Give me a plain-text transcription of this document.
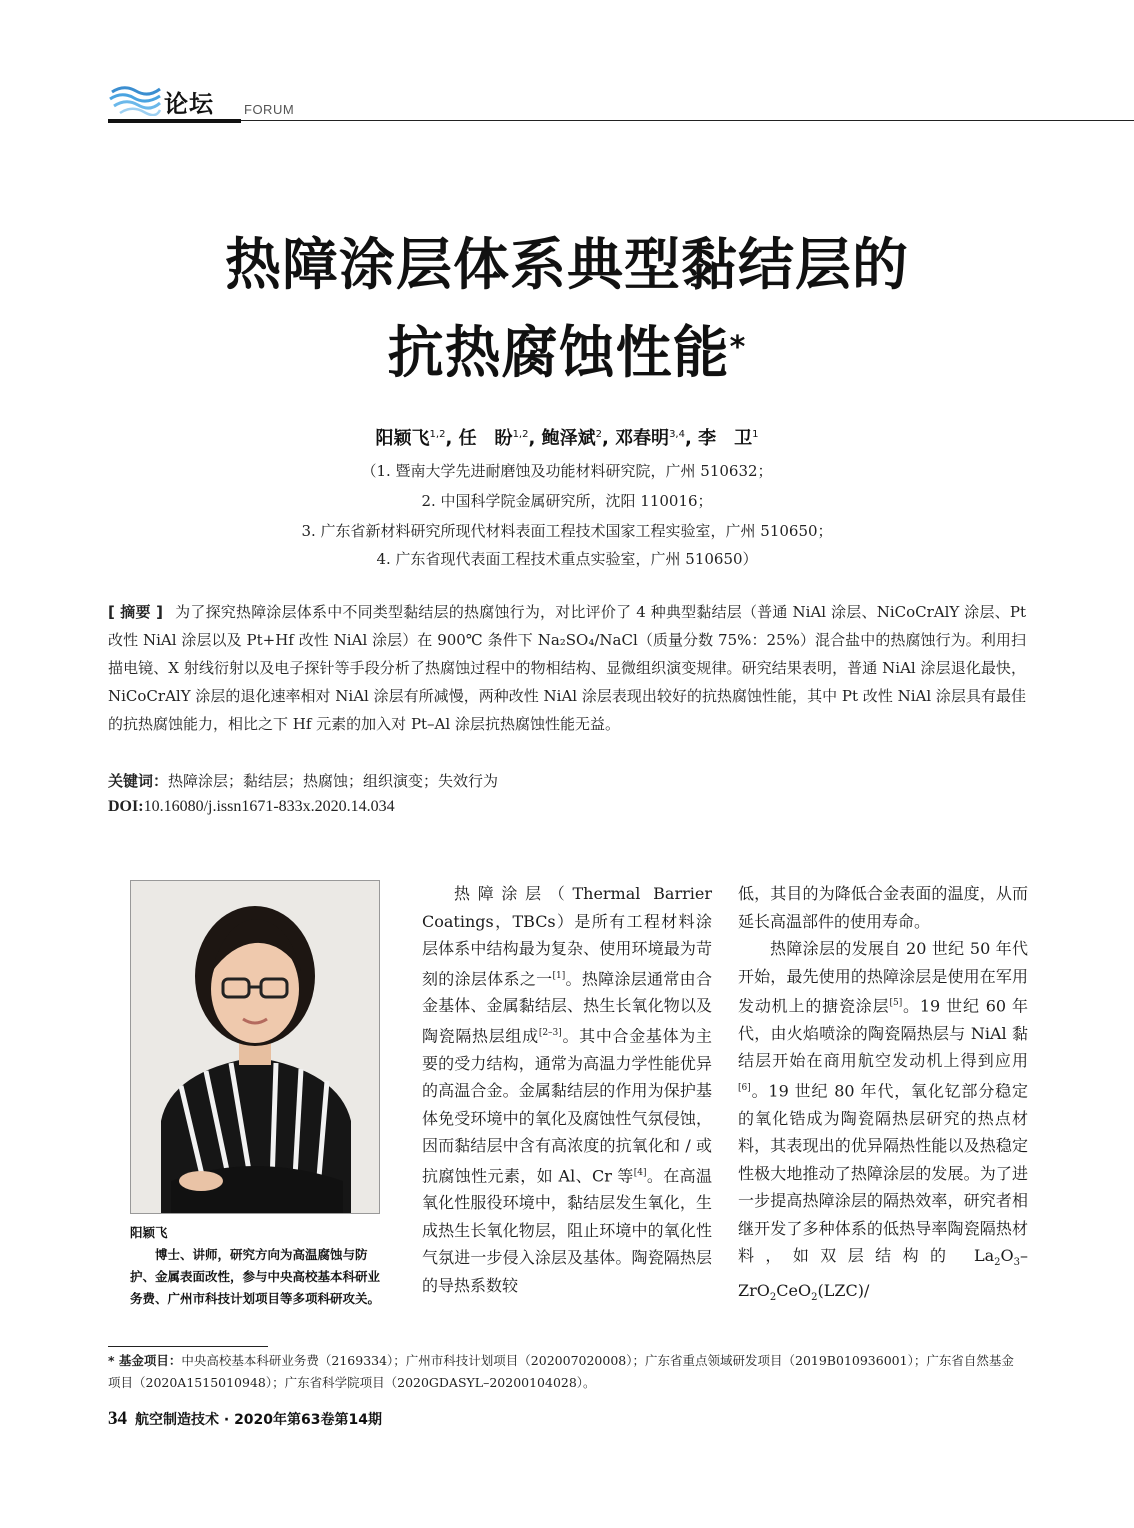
论坛 FORUM
热障涂层体系典型黏结层的
抗热腐蚀性能*
阳颖飞$^{1,2}$, 任　盼$^{1,2}$, 鲍泽斌$^2$, 邓春明$^{3,4}$, 李　卫$^1$
（1. 暨南大学先进耐磨蚀及功能材料研究院，广州 510632；
2. 中国科学院金属研究所，沈阳 110016；
3. 广东省新材料研究所现代材料表面工程技术国家工程实验室，广州 510650；
4. 广东省现代表面工程技术重点实验室，广州 510650）
[ 摘要 ] 为了探究热障涂层体系中不同类型黏结层的热腐蚀行为，对比评价了 4 种典型黏结层（普通 NiAl 涂层、NiCoCrAlY 涂层、Pt 改性 NiAl 涂层以及 Pt+Hf 改性 NiAl 涂层）在 900℃ 条件下 Na₂SO₄/NaCl（质量分数 75%：25%）混合盐中的热腐蚀行为。利用扫描电镜、X 射线衍射以及电子探针等手段分析了热腐蚀过程中的物相结构、显微组织演变规律。研究结果表明，普通 NiAl 涂层退化最快，NiCoCrAlY 涂层的退化速率相对 NiAl 涂层有所减慢，两种改性 NiAl 涂层表现出较好的抗热腐蚀性能，其中 Pt 改性 NiAl 涂层具有最佳的抗热腐蚀能力，相比之下 Hf 元素的加入对 Pt–Al 涂层抗热腐蚀性能无益。
关键词：热障涂层；黏结层；热腐蚀；组织演变；失效行为
DOI:10.16080/j.issn1671-833x.2020.14.034
阳颖飞
博士、讲师，研究方向为高温腐蚀与防护、金属表面改性，参与中央高校基本科研业务费、广州市科技计划项目等多项科研攻关。

热障涂层（Thermal Barrier Coatings，TBCs）是所有工程材料涂层体系中结构最为复杂、使用环境最为苛刻的涂层体系之一[1]。热障涂层通常由合金基体、金属黏结层、热生长氧化物以及陶瓷隔热层组成[2–3]。其中合金基体为主要的受力结构，通常为高温力学性能优异的高温合金。金属黏结层的作用为保护基体免受环境中的氧化及腐蚀性气氛侵蚀，因而黏结层中含有高浓度的抗氧化和 / 或抗腐蚀性元素，如 Al、Cr 等[4]。在高温氧化性服役环境中，黏结层发生氧化，生成热生长氧化物层，阻止环境中的氧化性气氛进一步侵入涂层及基体。陶瓷隔热层的导热系数较

低，其目的为降低合金表面的温度，从而延长高温部件的使用寿命。

热障涂层的发展自 20 世纪 50 年代开始，最先使用的热障涂层是使用在军用发动机上的搪瓷涂层[5]。19 世纪 60 年代，由火焰喷涂的陶瓷隔热层与 NiAl 黏结层开始在商用航空发动机上得到应用[6]。19 世纪 80 年代，氧化钇部分稳定的氧化锆成为陶瓷隔热层研究的热点材料，其表现出的优异隔热性能以及热稳定性极大地推动了热障涂层的发展。为了进一步提高热障涂层的隔热效率，研究者相继开发了多种体系的低热导率陶瓷隔热材料，如双层结构的 $La_2O_3-ZrO_2CeO_2(LZC)/$

* 基金项目：中央高校基本科研业务费（2169334）；广州市科技计划项目（202007020008）；广东省重点领域研发项目（2019B010936001）；广东省自然基金项目（2020A1515010948）；广东省科学院项目（2020GDASYL–20200104028）。
34 航空制造技术 · 2020年第63卷第14期
